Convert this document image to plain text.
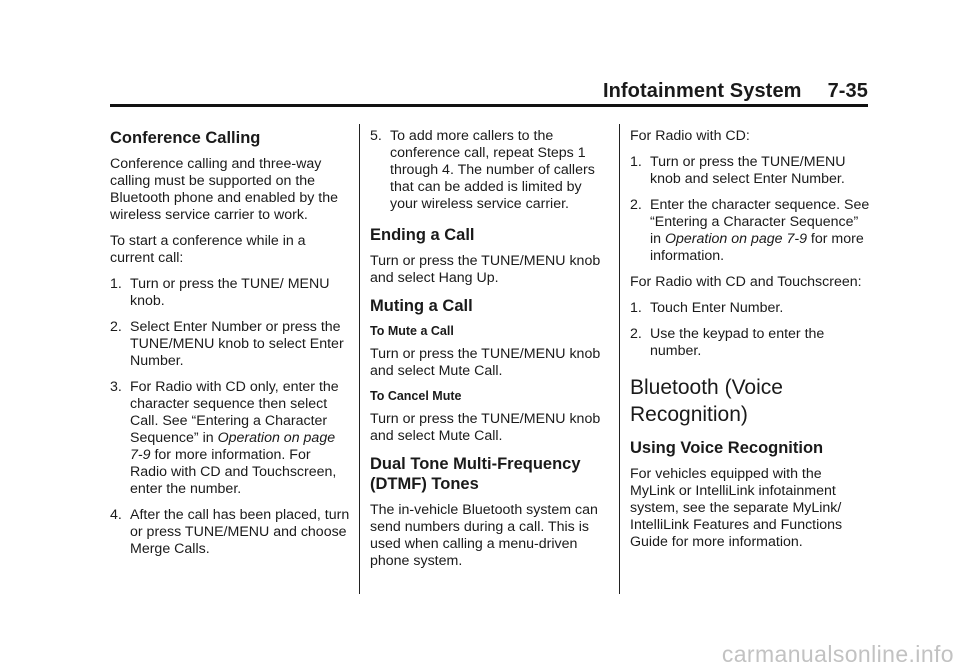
Infotainment System 7-35
Conference Calling

Conference calling and three-way calling must be supported on the Bluetooth phone and enabled by the wireless service carrier to work.

To start a conference while in a current call:

1. Turn or press the TUNE/ MENU knob.
2. Select Enter Number or press the TUNE/MENU knob to select Enter Number.
3. For Radio with CD only, enter the character sequence then select Call. See “Entering a Character Sequence” in Operation on page 7-9 for more information. For Radio with CD and Touchscreen, enter the number.
4. After the call has been placed, turn or press TUNE/MENU and choose Merge Calls.
5. To add more callers to the conference call, repeat Steps 1 through 4. The number of callers that can be added is limited by your wireless service carrier.
Ending a Call

Turn or press the TUNE/MENU knob and select Hang Up.

Muting a Call
To Mute a Call

Turn or press the TUNE/MENU knob and select Mute Call.

To Cancel Mute

Turn or press the TUNE/MENU knob and select Mute Call.

Dual Tone Multi-Frequency (DTMF) Tones

The in-vehicle Bluetooth system can send numbers during a call. This is used when calling a menu-driven phone system.

For Radio with CD:

1. Turn or press the TUNE/MENU knob and select Enter Number.
2. Enter the character sequence. See “Entering a Character Sequence” in Operation on page 7-9 for more information.

For Radio with CD and Touchscreen:

1. Touch Enter Number.
2. Use the keypad to enter the number.
Bluetooth (Voice Recognition)
Using Voice Recognition

For vehicles equipped with the MyLink or IntelliLink infotainment system, see the separate MyLink/ IntelliLink Features and Functions Guide for more information.

carmanualsonline.info
